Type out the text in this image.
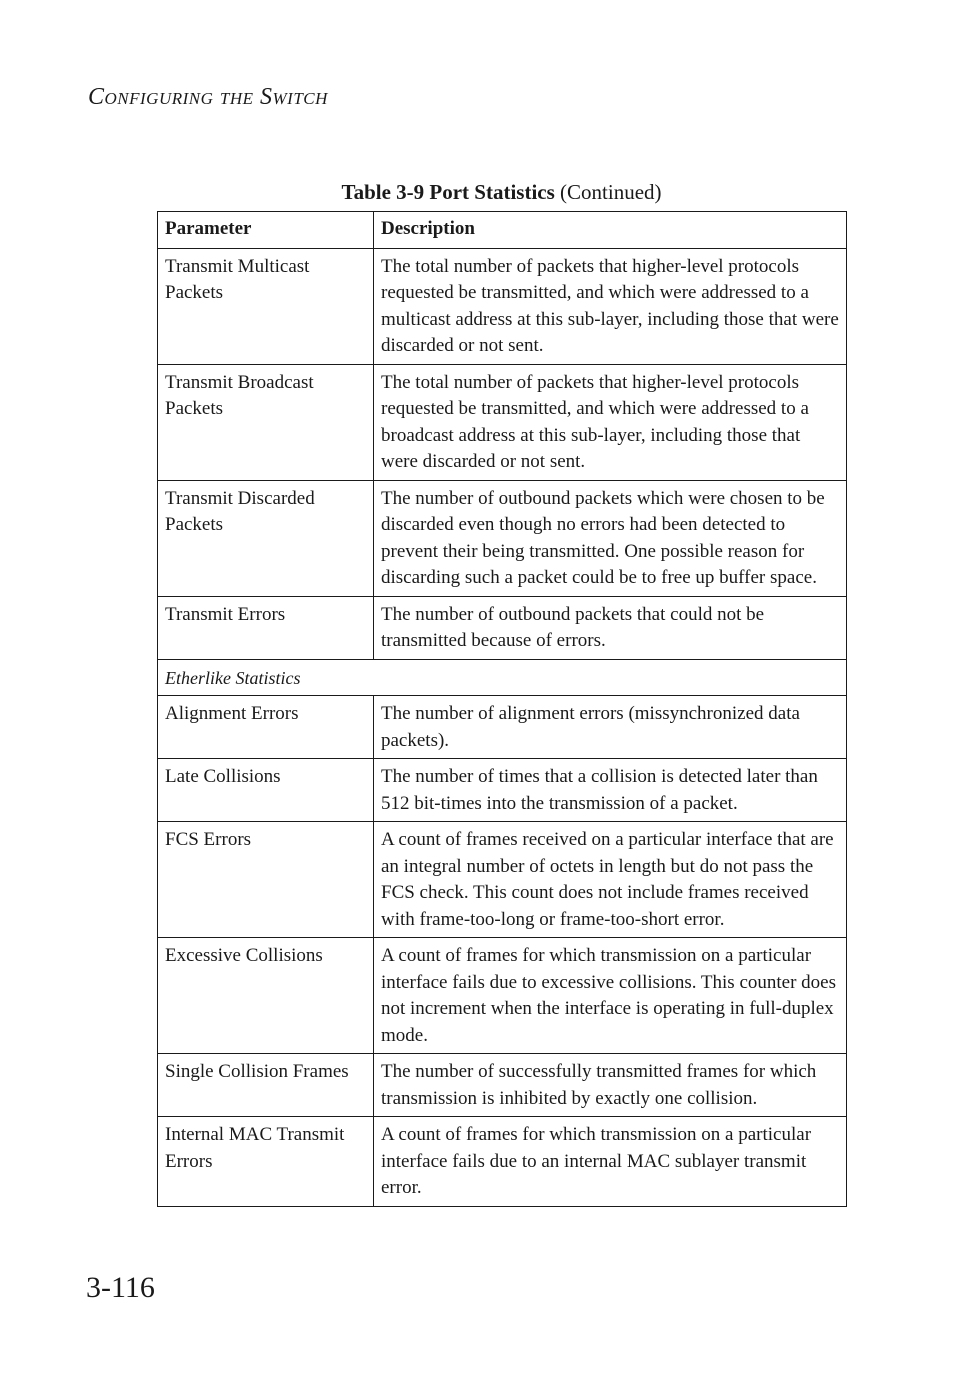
Configuring the Switch
Table 3-9 Port Statistics (Continued)
Parameter	Description
Transmit Multicast Packets	The total number of packets that higher-level protocols requested be transmitted, and which were addressed to a multicast address at this sub-layer, including those that were discarded or not sent.
Transmit Broadcast Packets	The total number of packets that higher-level protocols requested be transmitted, and which were addressed to a broadcast address at this sub-layer, including those that were discarded or not sent.
Transmit Discarded Packets	The number of outbound packets which were chosen to be discarded even though no errors had been detected to prevent their being transmitted. One possible reason for discarding such a packet could be to free up buffer space.
Transmit Errors	The number of outbound packets that could not be transmitted because of errors.
Etherlike Statistics	
Alignment Errors	The number of alignment errors (missynchronized data packets).
Late Collisions	The number of times that a collision is detected later than 512 bit-times into the transmission of a packet.
FCS Errors	A count of frames received on a particular interface that are an integral number of octets in length but do not pass the FCS check. This count does not include frames received with frame-too-long or frame-too-short error.
Excessive Collisions	A count of frames for which transmission on a particular interface fails due to excessive collisions. This counter does not increment when the interface is operating in full-duplex mode.
Single Collision Frames	The number of successfully transmitted frames for which transmission is inhibited by exactly one collision.
Internal MAC Transmit Errors	A count of frames for which transmission on a particular interface fails due to an internal MAC sublayer transmit error.
3-116
